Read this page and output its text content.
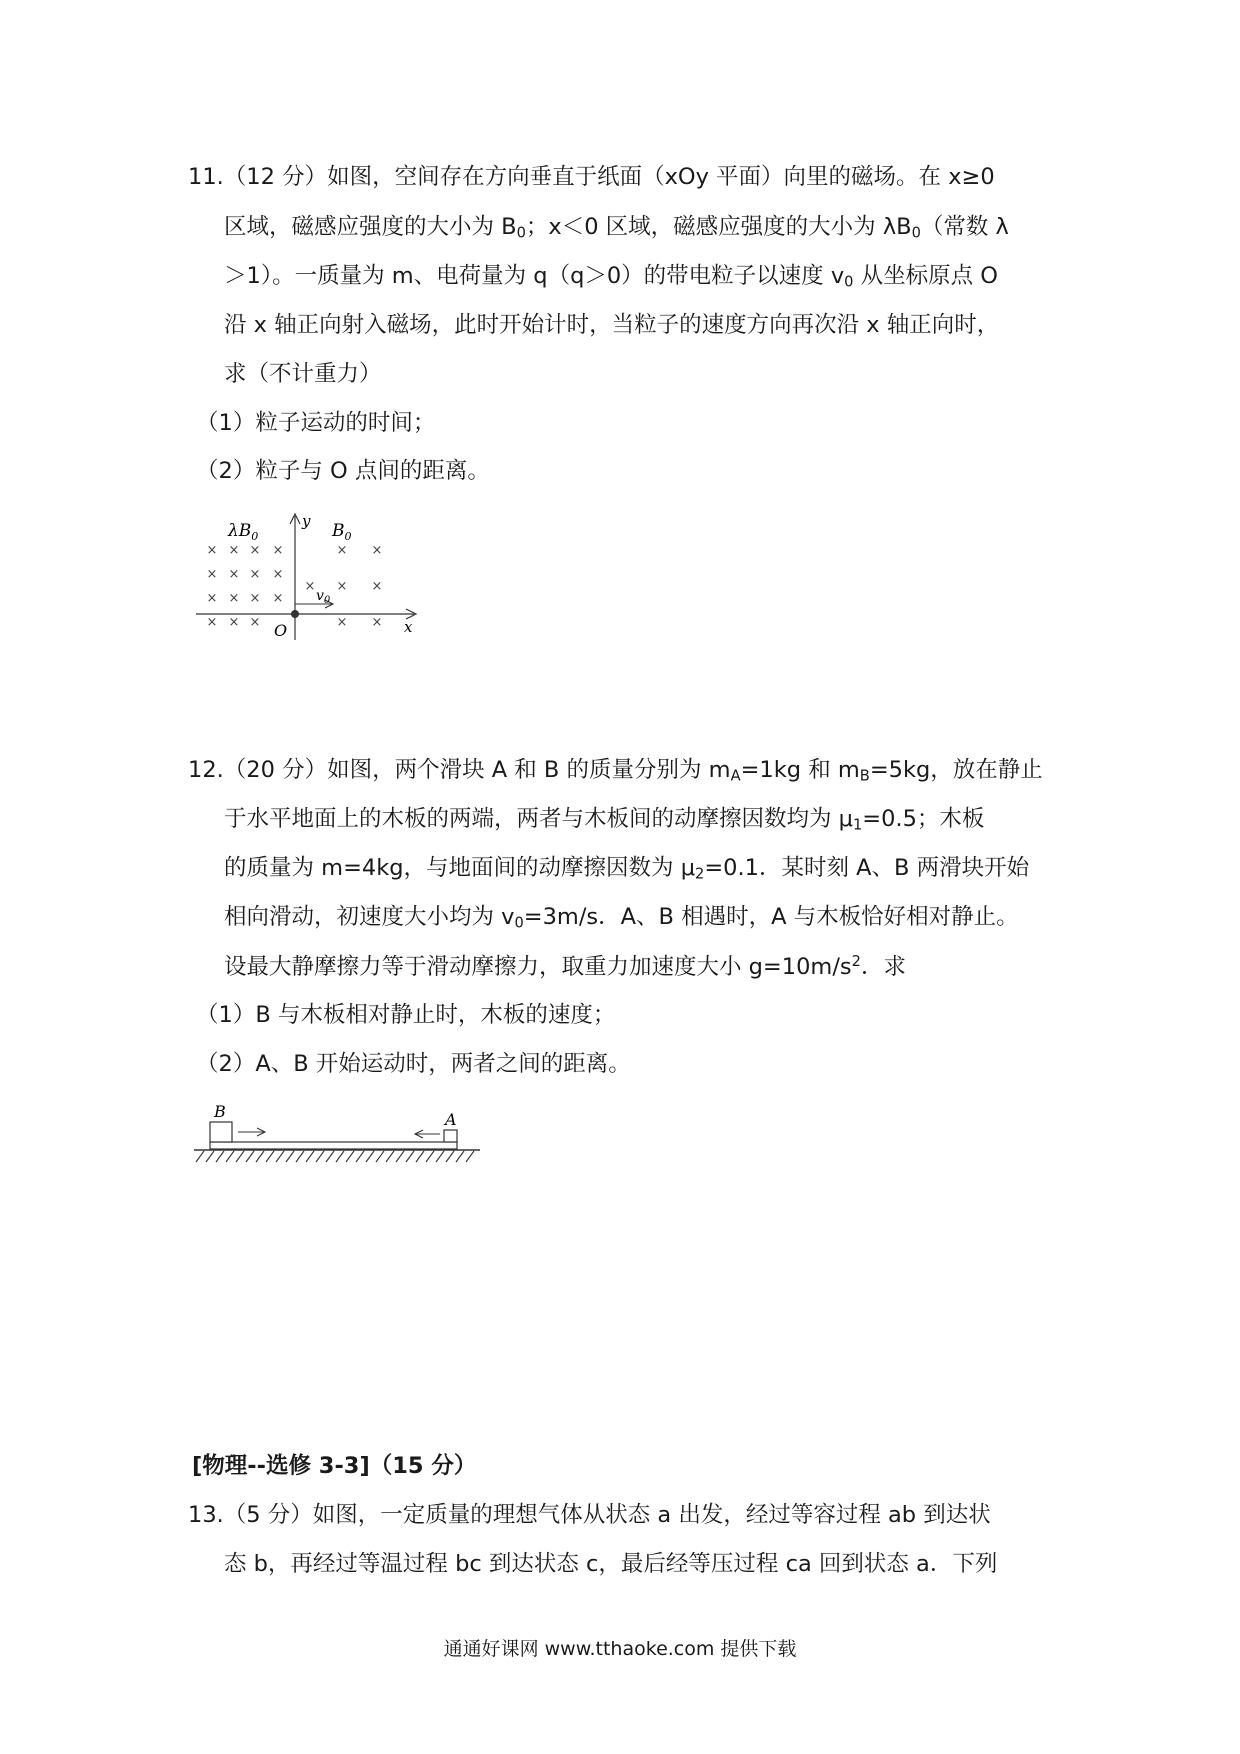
11.（12 分）如图，空间存在方向垂直于纸面（xOy 平面）向里的磁场。在 x≥0
区域，磁感应强度的大小为 $B_0$；x＜0 区域，磁感应强度的大小为 $\lambda B_0$（常数 λ
＞1）。一质量为 m、电荷量为 q（q＞0）的带电粒子以速度 $v_0$ 从坐标原点 O
沿 x 轴正向射入磁场，此时开始计时，当粒子的速度方向再次沿 x 轴正向时，
求（不计重力）
（1）粒子运动的时间；
（2）粒子与 O 点间的距离。
× × × ×	× ×
× × × ×
× × × ×
× × ×
× × ×	× ×
$\lambda B_0$	$B_0$
y
x
O
$v_0$
12.（20 分）如图，两个滑块 A 和 B 的质量分别为 $m_A=1kg$ 和 $m_B=5kg$，放在静止
于水平地面上的木板的两端，两者与木板间的动摩擦因数均为 $\mu_1=0.5$；木板
的质量为 m=4kg，与地面间的动摩擦因数为 $\mu_2=0.1$．某时刻 A、B 两滑块开始
相向滑动，初速度大小均为 $v_0=3m/s$．A、B 相遇时，A 与木板恰好相对静止。
设最大静摩擦力等于滑动摩擦力，取重力加速度大小 $g=10m/s^2$．求
（1）B 与木板相对静止时，木板的速度；
（2）A、B 开始运动时，两者之间的距离。
B	A
[物理--选修 3-3]（15 分）
13.（5 分）如图，一定质量的理想气体从状态 a 出发，经过等容过程 ab 到达状
态 b，再经过等温过程 bc 到达状态 c，最后经等压过程 ca 回到状态 a．下列
通通好课网 www.tthaoke.com 提供下载
